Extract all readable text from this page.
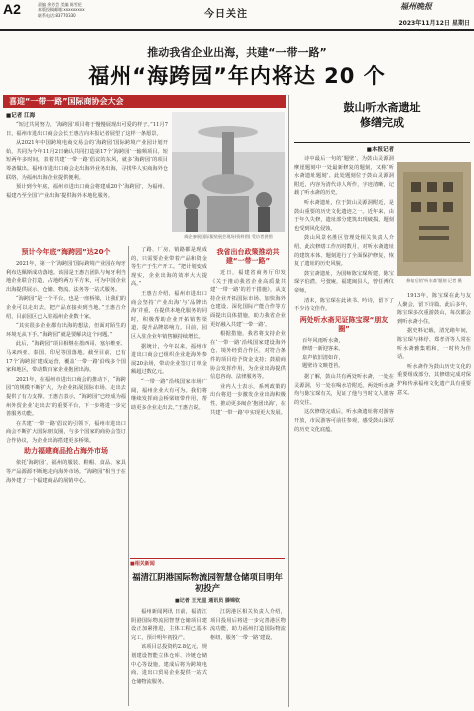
A2	责编 余芳芸 美编 陈雪伦
本版投稿邮箱:xxxxxxxxx
联系电话:83770330	今日关注
福州晚报
2023年11月12日 星期日
推动我省企业出海，共建“一带一路”
福州“海跨园”年内将达 20 个
喜迎“一带一路”国际商协会大会
■记者 江海

“短过共同努力，‘海跨园’项目将于慢慢展现出可爱的样子。”11月7日，福州市进出口商会会长王惠吉向本报记者展望了这样一条愿景。

从2021年中国跨境电商交易会的‘海跨园’国际跨境产业园计划开始，共同为今年11月2日确认共同打造第17个‘海跨园’一输频项目。短短两年多时间，表着共建‘一带一路’倡议的东风，就多‘海跨园’的项目筹备做出。福州市进出口商会走出海外业务出海，寻找华人实商海外仓联络，为福州出海企业提供便利。

预计到今年底，福州市进出口商会将建成20个‘海跨园’，为福州、福建乃至全国‘产业出海’提供海外本地化服务。

闽企参展国际服装展会现场(资料图) 受访者供图
预计今年底“海跨园”达20个

2021年，第一个‘海跨园’国际跨境产业园在匈牙利布达佩斯成功落地。该园是王惠吉团队与匈牙利当地企业联合打造，占地约两万平方米，可为中国企业出海提供展示、仓储、物流、法务等一站式服务。

“海跨园”是一个平台，也是一座桥梁，让我们的企业可以走出去，把产品直接卖到当地。”王惠吉介绍，目前园区已入驻福州企业数十家。

“其实很多企业都有出海的想法，但面对陌生的环境无从下手。”海跨园“就是要解决这个问题。”

此后，“海跨园”项目相继在墨西哥、塞尔维亚、马来西亚、泰国、印尼等国落地。截至目前，已有17个‘海跨园’建成运营，覆盖‘一带一路’沿线多个国家和地区，带动数百家企业抱团出海。

2021年，在福州市进出口商会的推动下，“海跨园”的规模不断扩大，为企业拓展国际市场、走出去提供了有力支撑。王惠吉表示，“海跨园”已经成为福州外贸企业‘走出去’的重要平台，下一步将进一步完善服务功能。

在共建‘一带一路’倡议的引领下，福州市进出口商会不断扩大国际朋友圈，与多个国家的商协会签订合作协议，为企业出海搭建更多桥梁。

助力福建商品抢占海外市场

依托‘海跨园’，福州的服装、鞋帽、食品、家具等产品源源不断地走向海外市场。“海跨园”相当于在海外建了一个福建商品的展销中心。

了路、厂房、销路都是现成的，只需要企业带着产品和资金等生产于生产开工。“把计划变成现实，企业出海的效率大大提高。”

王惠吉介绍，福州市进出口商会坚持‘产业出海’与‘品牌出海’并重，在提供本地化服务的同时，积极帮助企业开拓销售渠道，提升品牌影响力。目前，园区入驻企业年销售额持续增长。

据统计，今年以来，福州市进出口商会已组织企业赴海外参展20余场，带动企业签订订单金额超过数亿元。

“一带一路”沿线国家市场广阔，福州企业大有可为。我们将继续发挥商会桥梁纽带作用，帮助更多企业走出去。”王惠吉说。

我省出台政策推动共建“一带一路”

近日，福建省商务厅印发《关于推动我省企业高质量共建‘一带一路’的若干措施》，从支持企业开拓国际市场、加快海外仓建设、深化国际产能合作等方面提出具体措施，助力我省企业更好融入共建‘一带一路’。

根据措施，我省将支持企业在‘一带一路’沿线国家建设海外仓、境外经贸合作区，对符合条件的项目给予资金支持；鼓励商协会发挥作用，为企业出海提供信息咨询、法律服务等。

业内人士表示，系列政策的出台将进一步激发企业出海积极性，推动更多闽企‘抱团出海’，在共建‘一带一路’中实现更大发展。

■相关新闻
福清江阴港国际物流园智慧仓储项目明年初投产
■记者 王光星 通讯员 滕锦钦

福州新闻网讯 日前，福清江阴港国际物流园智慧仓储项目建设正加紧推进，主体工程已基本完工，预计明年初投产。

该项目总投资约2.8亿元，规划建设智能立体仓库、冷链仓储中心等设施，建成后将为跨境电商、进出口贸易企业提供一站式仓储物流服务。

江阴港区相关负责人介绍，项目投用后将进一步完善港区物流功能，助力福州打造国际物流枢纽，服务‘一带一路’建设。

鼓山听水斋遗址
修缮完成
■本报记者

诗中最后一句的‘题壁’，为鼓山灵源洞摩崖题刻中一处最新修复的题刻，又称‘听水斋遗址题刻’。此处题刻位于鼓山灵源洞附近，内容为清代诗人所作，字迹清晰，记载了听水斋的历史。

听水斋遗址，位于鼓山灵源洞附近，是鼓山重要的历史文化遗迹之一。近年来，由于年久失修，遗址部分建筑出现破损，题刻也受到风化侵蚀。

鼓山风景名胜区管理处相关负责人介绍，此次修缮工作历时数月，对听水斋遗址的建筑本体、题刻进行了全面保护修复，恢复了遗址的历史风貌。

鼓宝斋遗址，为国师陈宝琛所建，陈宝琛字伯潜，号弢庵，福建闽县人，曾任溥仪帝师。

清末，陈宝琛在此读书、吟诗，留下了不少诗文佳作。

两处听水斋见证陈宝琛“朋友圈”
百年风雨听水斋，
修缮一新迎客来。
泉声依旧清如许，
题壁诗文映苍苔。

据了解，鼓山共有两处听水斋，一处在灵源洞，另一处在喝水岩附近。两处听水斋均与陈宝琛有关，见证了他与当时文人墨客的交往。

这次修缮完成后，听水斋遗址将对游客开放，市民游客可前往参观，感受鼓山深厚的历史文化底蕴。

修复后的‘听水斋’题刻 记者 摄

1913年，陈宝琛在此与友人聚会，留下诗篇。此后多年，陈宝琛多次重游鼓山，每次都会到听水斋小住。

据史料记载，清光绪年间，陈宝琛与林纾、郑孝胥等人常在听水斋雅集唱和，一时传为佳话。

听水斋作为鼓山历史文化的重要组成部分，其修缮完成对保护和传承福州文化遗产具有重要意义。
